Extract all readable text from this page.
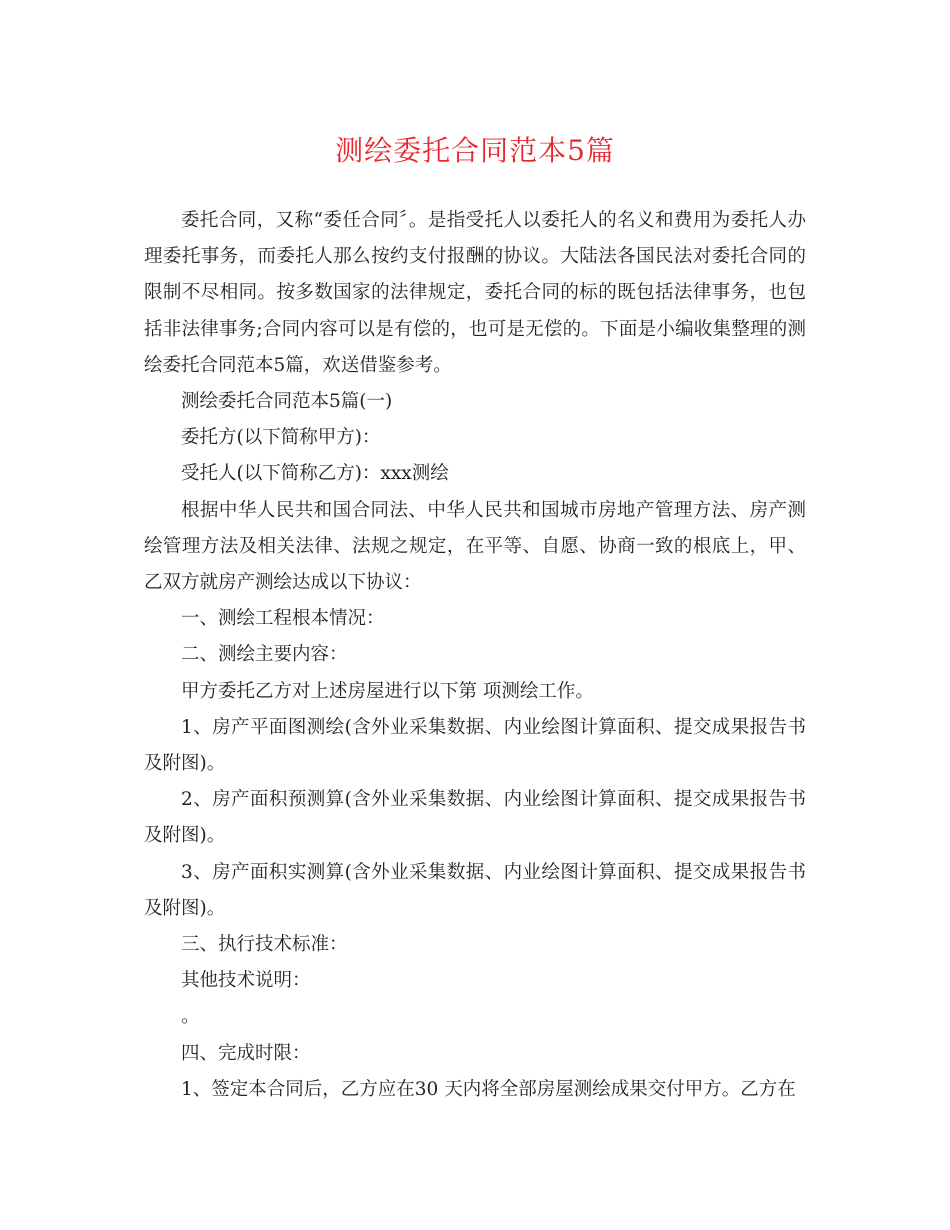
测绘委托合同范本5篇

委托合同，又称“委任合同〞。是指受托人以委托人的名义和费用为委托人办理委托事务，而委托人那么按约支付报酬的协议。大陆法各国民法对委托合同的限制不尽相同。按多数国家的法律规定，委托合同的标的既包括法律事务，也包括非法律事务;合同内容可以是有偿的，也可是无偿的。下面是小编收集整理的测绘委托合同范本5篇，欢送借鉴参考。

测绘委托合同范本5篇(一)

委托方(以下简称甲方)：

受托人(以下简称乙方)：xxx测绘

根据中华人民共和国合同法、中华人民共和国城市房地产管理方法、房产测绘管理方法及相关法律、法规之规定，在平等、自愿、协商一致的根底上，甲、乙双方就房产测绘达成以下协议：

一、测绘工程根本情况：

二、测绘主要内容：

甲方委托乙方对上述房屋进行以下第 项测绘工作。

1、房产平面图测绘(含外业采集数据、内业绘图计算面积、提交成果报告书及附图)。

2、房产面积预测算(含外业采集数据、内业绘图计算面积、提交成果报告书及附图)。

3、房产面积实测算(含外业采集数据、内业绘图计算面积、提交成果报告书及附图)。

三、执行技术标准：

其他技术说明：

。

四、完成时限：

1、签定本合同后，乙方应在30 天内将全部房屋测绘成果交付甲方。乙方在
